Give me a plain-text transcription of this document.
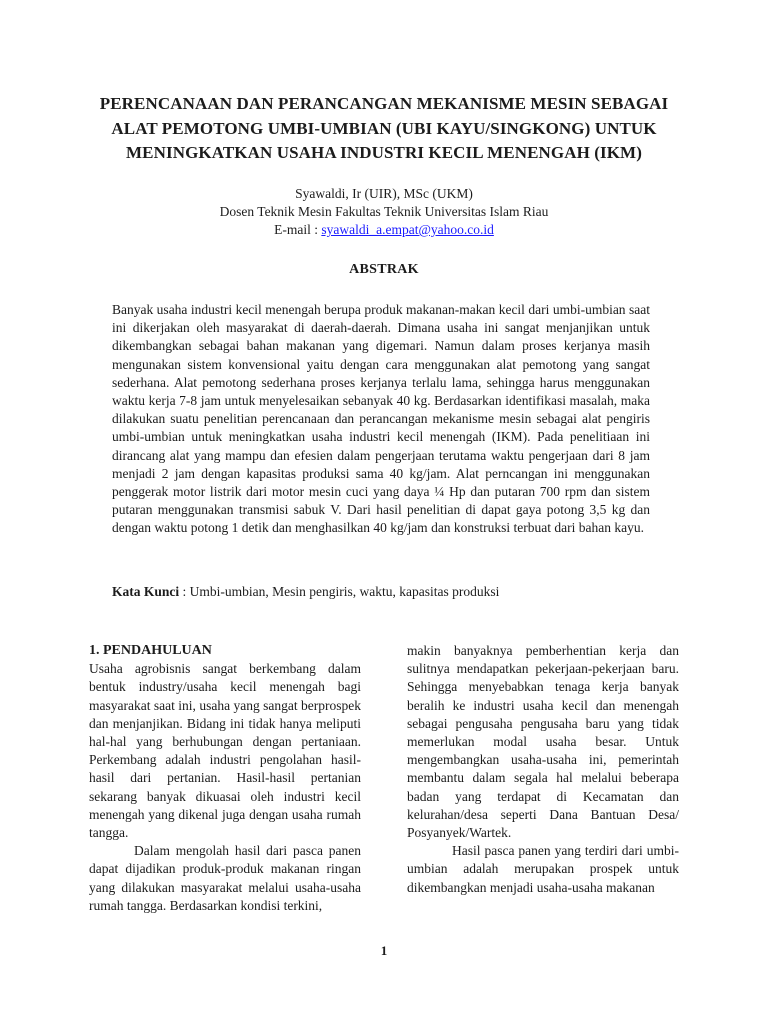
PERENCANAAN DAN PERANCANGAN MEKANISME MESIN SEBAGAI
ALAT PEMOTONG UMBI-UMBIAN (UBI KAYU/SINGKONG) UNTUK
MENINGKATKAN USAHA INDUSTRI KECIL MENENGAH (IKM)
Syawaldi, Ir (UIR), MSc (UKM)
Dosen Teknik Mesin Fakultas Teknik Universitas Islam Riau
E-mail : syawaldi_a.empat@yahoo.co.id
ABSTRAK

Banyak usaha industri kecil menengah berupa produk makanan-makan kecil dari umbi-umbian saat ini dikerjakan oleh masyarakat di daerah-daerah. Dimana usaha ini sangat menjanjikan untuk dikembangkan sebagai bahan makanan yang digemari. Namun dalam proses kerjanya masih mengunakan sistem konvensional yaitu dengan cara menggunakan alat pemotong yang sangat sederhana. Alat pemotong sederhana proses kerjanya terlalu lama, sehingga harus menggunakan waktu kerja 7-8 jam untuk menyelesaikan sebanyak 40 kg. Berdasarkan identifikasi masalah, maka dilakukan suatu penelitian perencanaan dan perancangan mekanisme mesin sebagai alat pengiris umbi-umbian untuk meningkatkan usaha industri kecil menengah (IKM). Pada penelitiaan ini dirancang alat yang mampu dan efesien dalam pengerjaan terutama waktu pengerjaan dari 8 jam menjadi 2 jam dengan kapasitas produksi sama 40 kg/jam. Alat perncangan ini menggunakan penggerak motor listrik dari motor mesin cuci yang daya ¼ Hp dan putaran 700 rpm dan sistem putaran menggunakan transmisi sabuk V. Dari hasil penelitian di dapat gaya potong 3,5 kg dan dengan waktu potong 1 detik dan menghasilkan 40 kg/jam dan konstruksi terbuat dari bahan kayu.

Kata Kunci : Umbi-umbian, Mesin pengiris, waktu, kapasitas produksi

1. PENDAHULUAN

Usaha agrobisnis sangat berkembang dalam bentuk industry/usaha kecil menengah bagi masyarakat saat ini, usaha yang sangat berprospek dan menjanjikan. Bidang ini tidak hanya meliputi hal-hal yang berhubungan dengan pertaniaan. Perkembang adalah industri pengolahan hasil-hasil dari pertanian. Hasil-hasil pertanian sekarang banyak dikuasai oleh industri kecil menengah yang dikenal juga dengan usaha rumah tangga.

Dalam mengolah hasil dari pasca panen dapat dijadikan produk-produk makanan ringan yang dilakukan masyarakat melalui usaha-usaha rumah tangga. Berdasarkan kondisi terkini,

makin banyaknya pemberhentian kerja dan sulitnya mendapatkan pekerjaan-pekerjaan baru. Sehingga menyebabkan tenaga kerja banyak beralih ke industri usaha kecil dan menengah sebagai pengusaha pengusaha baru yang tidak memerlukan modal usaha besar. Untuk mengembangkan usaha-usaha ini, pemerintah membantu dalam segala hal melalui beberapa badan yang terdapat di Kecamatan dan kelurahan/desa seperti Dana Bantuan Desa/ Posyanyek/Wartek.

Hasil pasca panen yang terdiri dari umbi-umbian adalah merupakan prospek untuk dikembangkan menjadi usaha-usaha makanan

1
